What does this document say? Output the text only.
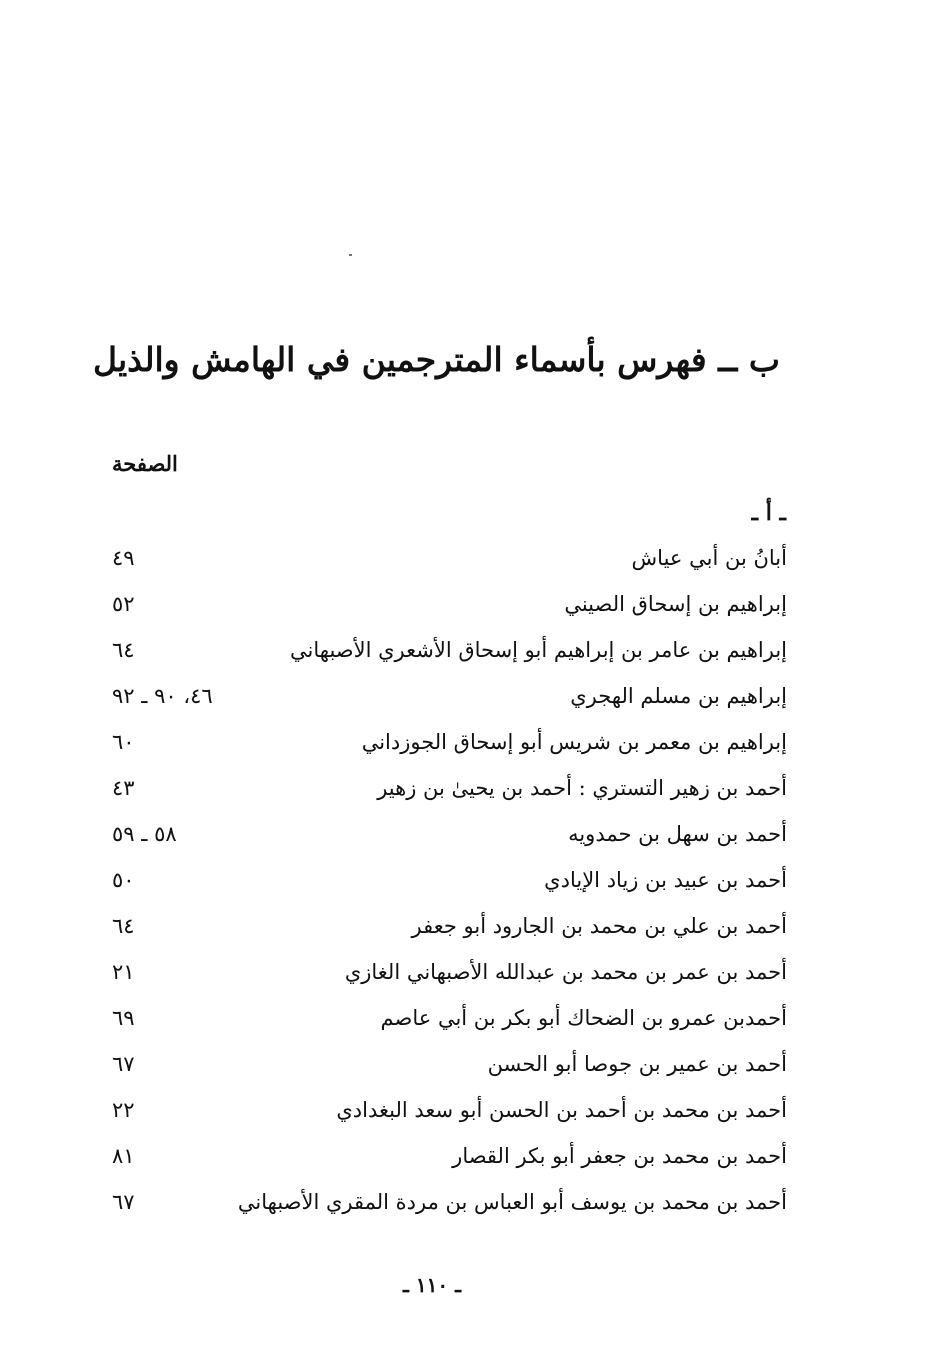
ب ــ فهرس بأسماء المترجمين في الهامش والذيل
الصفحة
ـ أ ـ
أبانُ بن أبي عياش
٤٩
إبراهيم بن إسحاق الصيني
٥٢
إبراهيم بن عامر بن إبراهيم أبو إسحاق الأشعري الأصبهاني
٦٤
إبراهيم بن مسلم الهجري
٤٦، ٩٠ ـ ٩٢
إبراهيم بن معمر بن شريس أبو إسحاق الجوزداني
٦٠
أحمد بن زهير التستري : أحمد بن يحيىٰ بن زهير
٤٣
أحمد بن سهل بن حمدويه
٥٨ ـ ٥٩
أحمد بن عبيد بن زياد الإيادي
٥٠
أحمد بن علي بن محمد بن الجارود أبو جعفر
٦٤
أحمد بن عمر بن محمد بن عبدالله الأصبهاني الغازي
٢١
أحمدبن عمرو بن الضحاك أبو بكر بن أبي عاصم
٦٩
أحمد بن عمير بن جوصا أبو الحسن
٦٧
أحمد بن محمد بن أحمد بن الحسن أبو سعد البغدادي
٢٢
أحمد بن محمد بن جعفر أبو بكر القصار
٨١
أحمد بن محمد بن يوسف أبو العباس بن مردة المقري الأصبهاني
٦٧
ـ ١١٠ ـ
